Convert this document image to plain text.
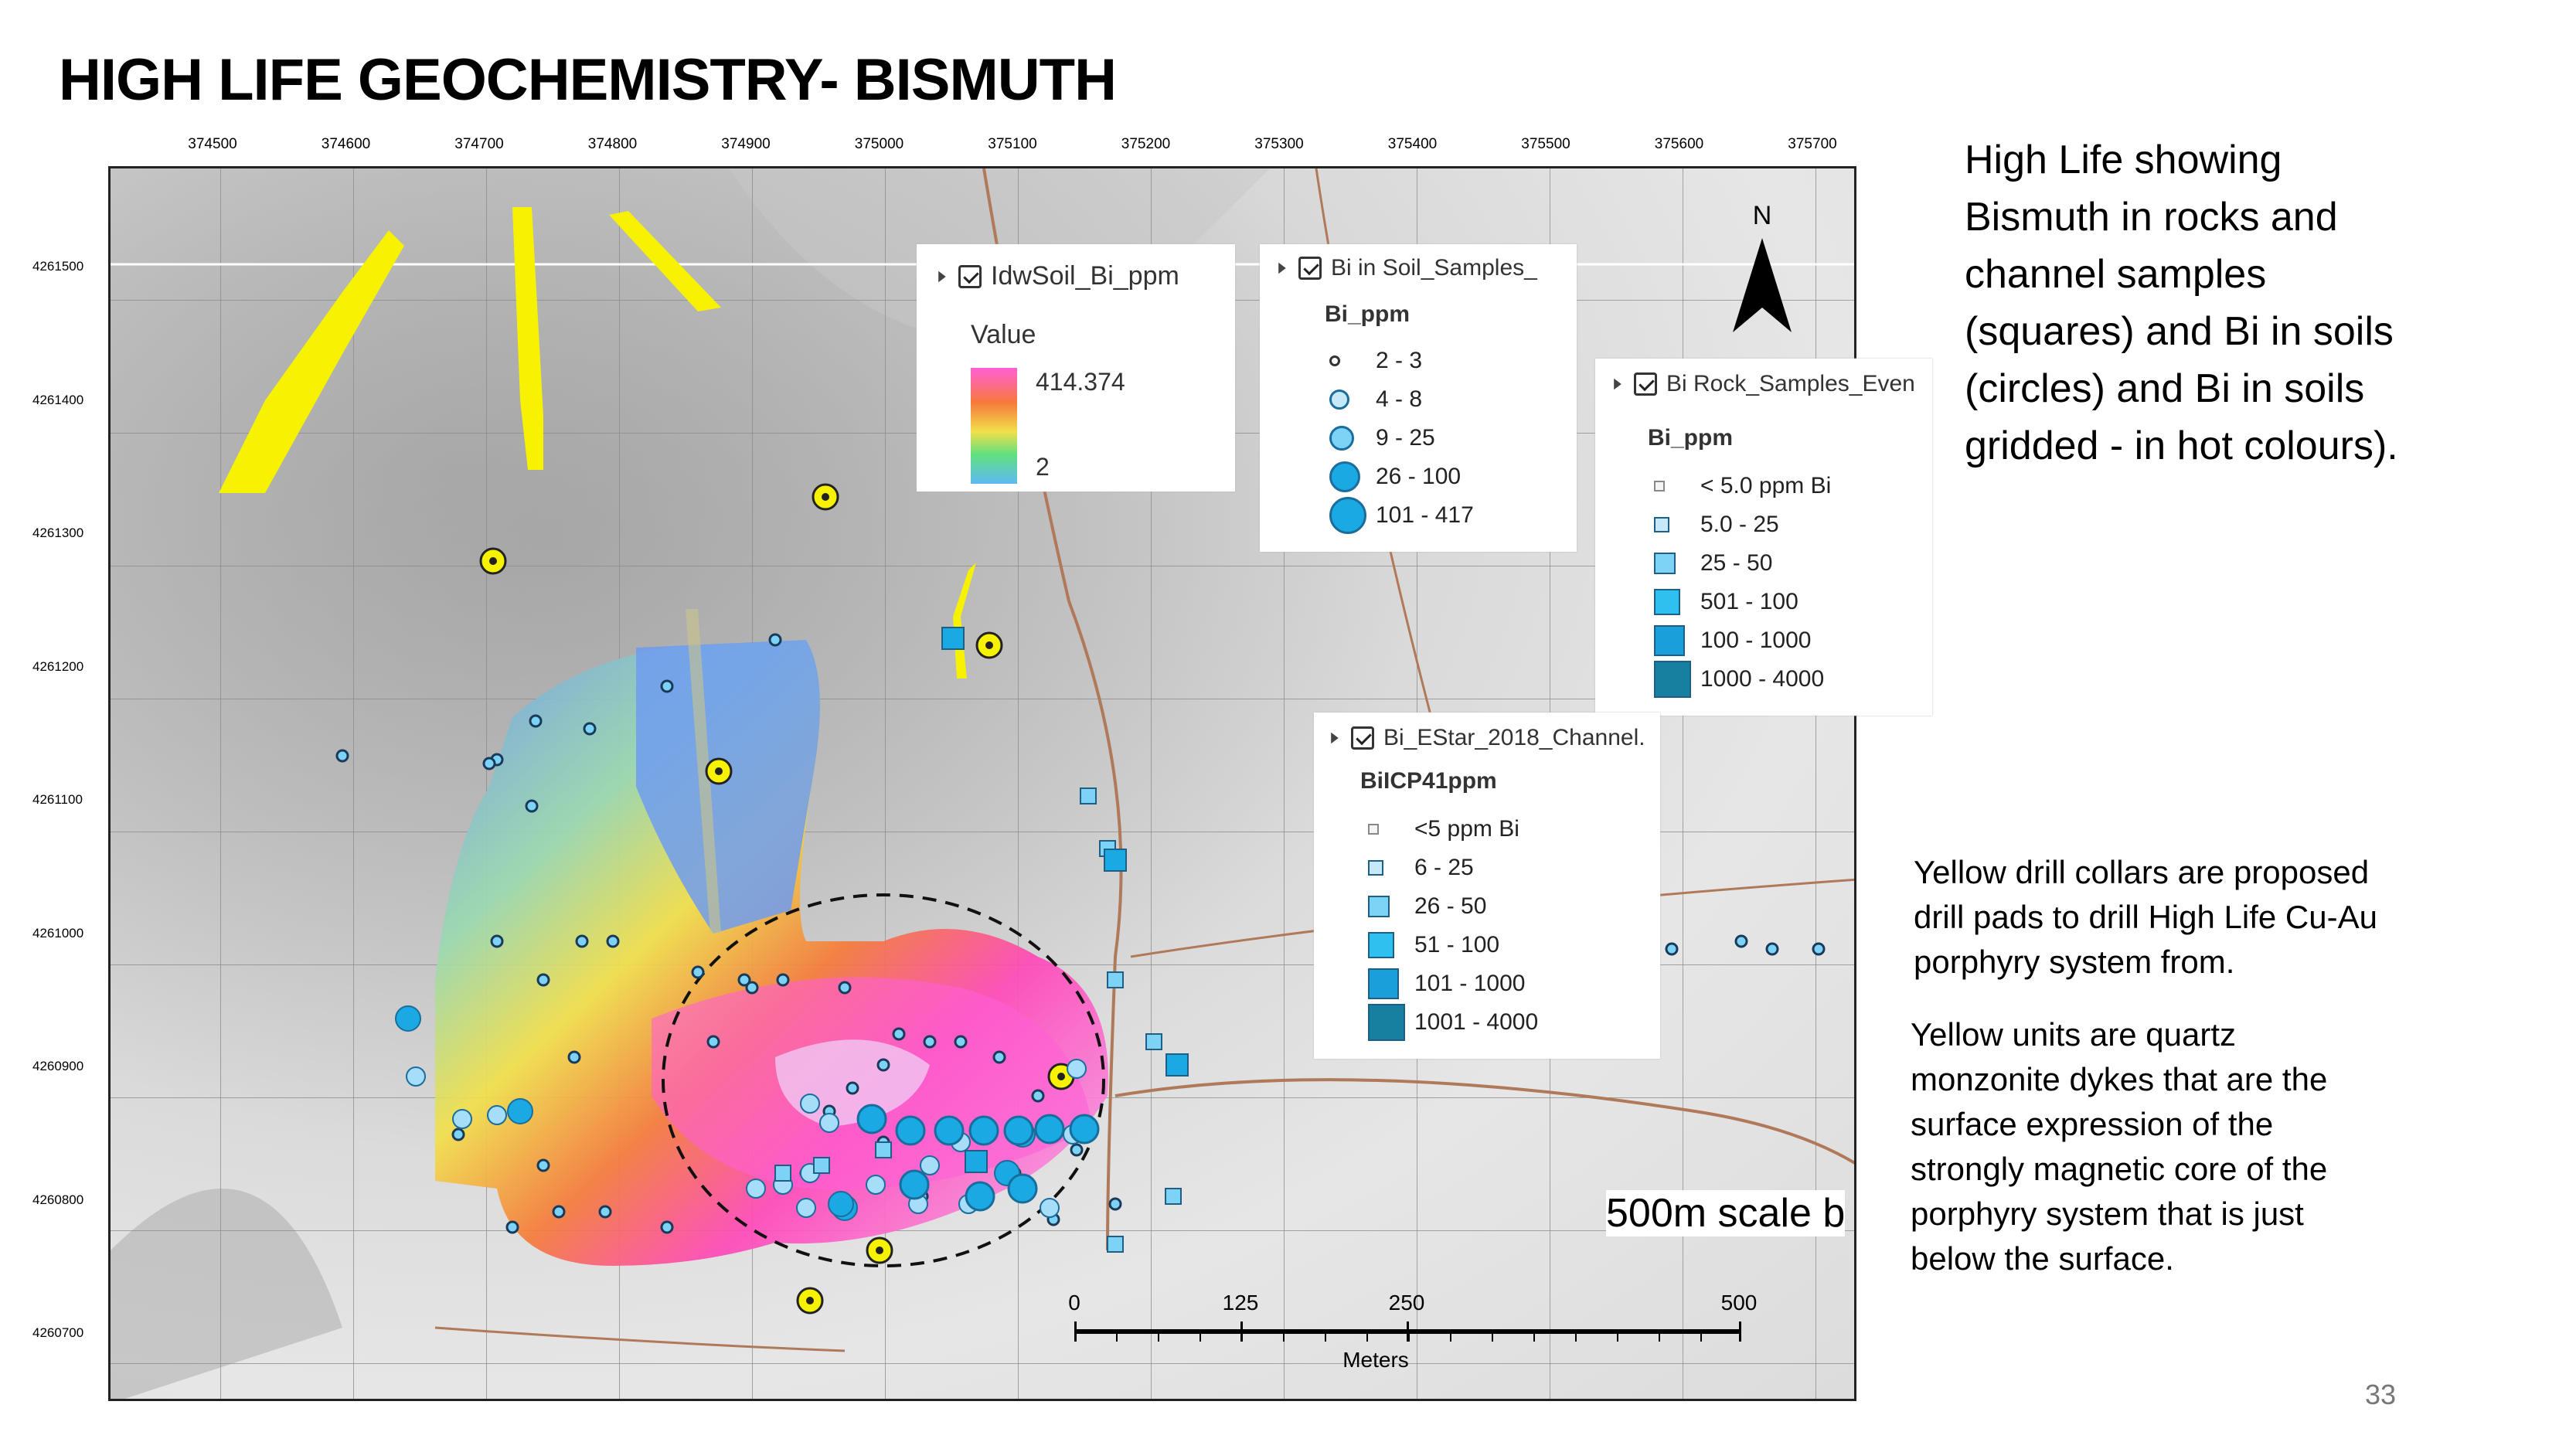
HIGH LIFE GEOCHEMISTRY- BISMUTH
374500	374600	374700	374800	374900	375000	375100	375200	375300	375400	375500	375600	375700
4261500
4261400
4261300
4261200
4261100
4261000
4260900
4260800
4260700
N
IdwSoil_Bi_ppm
Value
414.374
2
Bi in Soil_Samples_
Bi_ppm
2 - 3
4 - 8
9 - 25
26 - 100
101 - 417
Bi Rock_Samples_Even
Bi_ppm
< 5.0 ppm Bi
5.0 - 25
25 - 50
501 - 100
100 - 1000
1000 - 4000
Bi_EStar_2018_Channel.
BiICP41ppm
<5 ppm Bi
6 - 25
26 - 50
51 - 100
101 - 1000
1001 - 4000
0	125	250	500
Meters
500m scale b
High Life showing
Bismuth in rocks and
channel samples
(squares) and Bi in soils
(circles) and Bi in soils
gridded - in hot colours).
Yellow drill collars are proposed
drill pads to drill High Life Cu-Au
porphyry system from.
Yellow units are quartz
monzonite dykes that are the
surface expression of the
strongly magnetic core of the
porphyry system that is just
below the surface.
33
